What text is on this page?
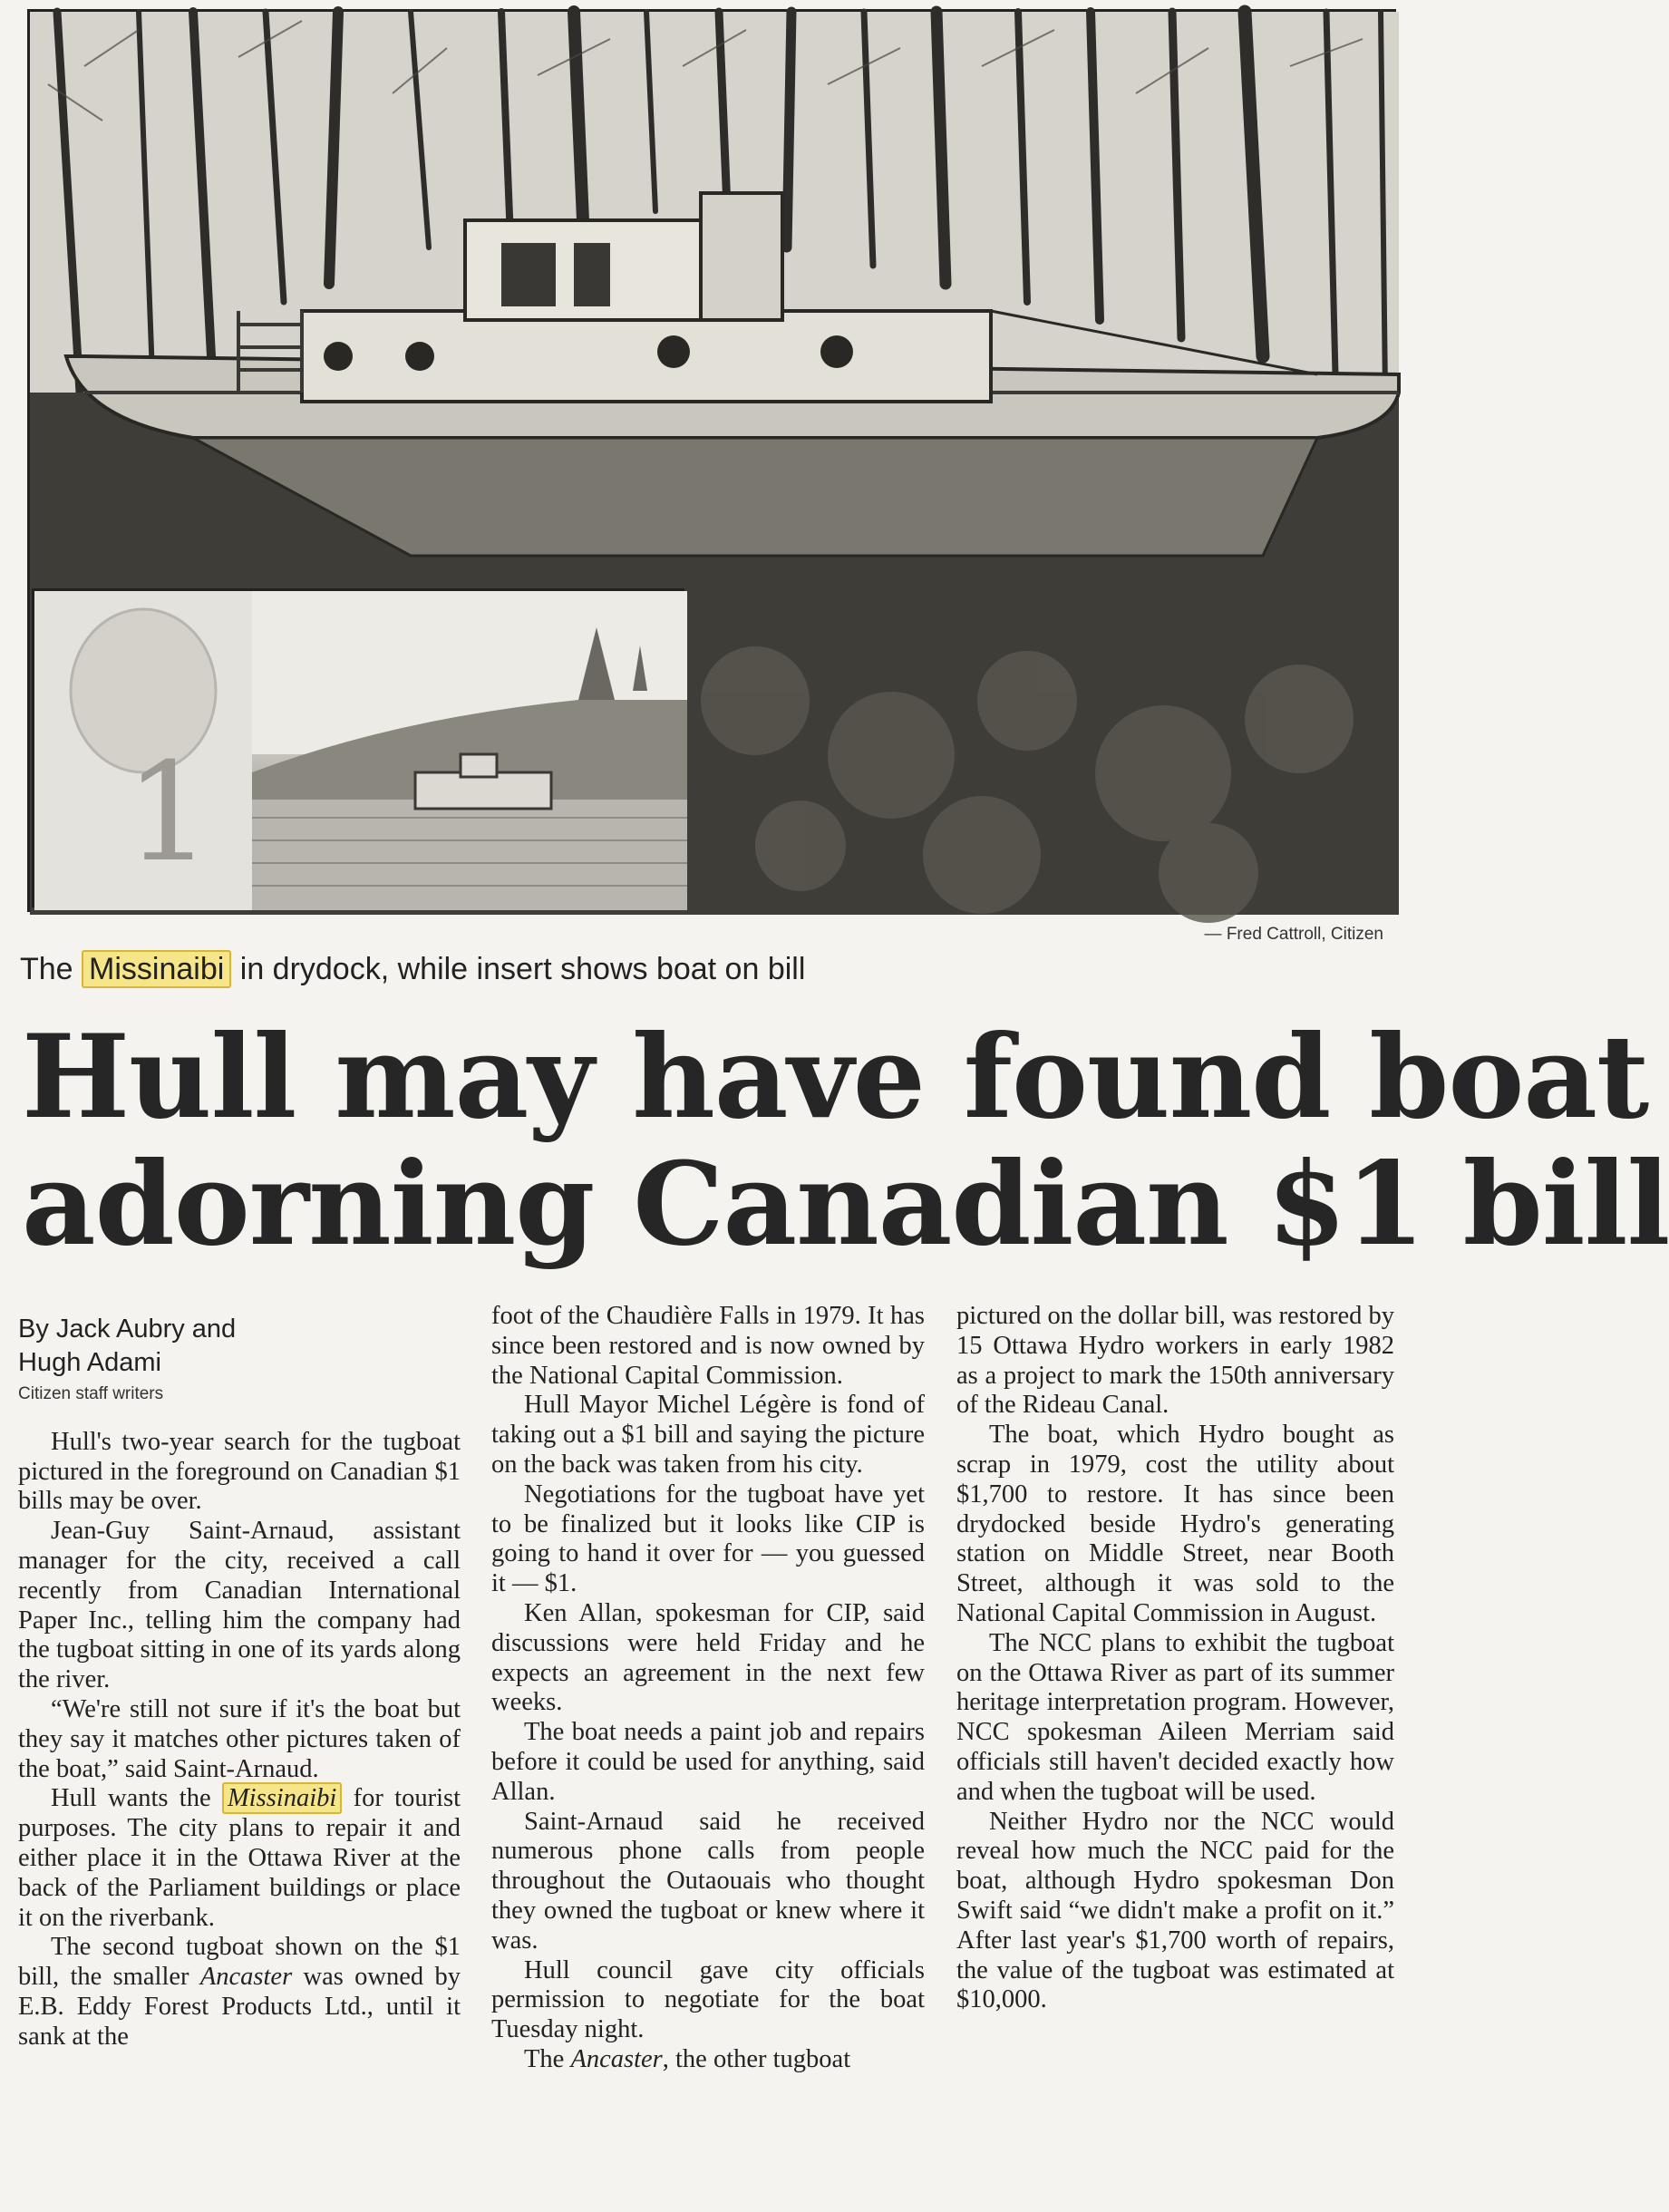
1
— Fred Cattroll, Citizen
The Missinaibi in drydock, while insert shows boat on bill
Hull may have found boat
adorning Canadian $1 bill
By Jack Aubry and
Hugh Adami
Citizen staff writers

Hull's two-year search for the tugboat pictured in the foreground on Canadian $1 bills may be over.

Jean-Guy Saint-Arnaud, assistant manager for the city, received a call recently from Canadian International Paper Inc., telling him the company had the tugboat sitting in one of its yards along the river.

“We're still not sure if it's the boat but they say it matches other pictures taken of the boat,” said Saint-Arnaud.

Hull wants the Missinaibi for tourist purposes. The city plans to repair it and either place it in the Ottawa River at the back of the Parliament buildings or place it on the riverbank.

The second tugboat shown on the $1 bill, the smaller Ancaster was owned by E.B. Eddy Forest Products Ltd., until it sank at the

foot of the Chaudière Falls in 1979. It has since been restored and is now owned by the National Capital Commission.

Hull Mayor Michel Légère is fond of taking out a $1 bill and saying the picture on the back was taken from his city.

Negotiations for the tugboat have yet to be finalized but it looks like CIP is going to hand it over for — you guessed it — $1.

Ken Allan, spokesman for CIP, said discussions were held Friday and he expects an agreement in the next few weeks.

The boat needs a paint job and repairs before it could be used for anything, said Allan.

Saint-Arnaud said he received numerous phone calls from people throughout the Outaouais who thought they owned the tugboat or knew where it was.

Hull council gave city officials permission to negotiate for the boat Tuesday night.

The Ancaster, the other tugboat

pictured on the dollar bill, was restored by 15 Ottawa Hydro workers in early 1982 as a project to mark the 150th anniversary of the Rideau Canal.

The boat, which Hydro bought as scrap in 1979, cost the utility about $1,700 to restore. It has since been drydocked beside Hydro's generating station on Middle Street, near Booth Street, although it was sold to the National Capital Commission in August.

The NCC plans to exhibit the tugboat on the Ottawa River as part of its summer heritage interpretation program. However, NCC spokesman Aileen Merriam said officials still haven't decided exactly how and when the tugboat will be used.

Neither Hydro nor the NCC would reveal how much the NCC paid for the boat, although Hydro spokesman Don Swift said “we didn't make a profit on it.” After last year's $1,700 worth of repairs, the value of the tugboat was estimated at $10,000.
